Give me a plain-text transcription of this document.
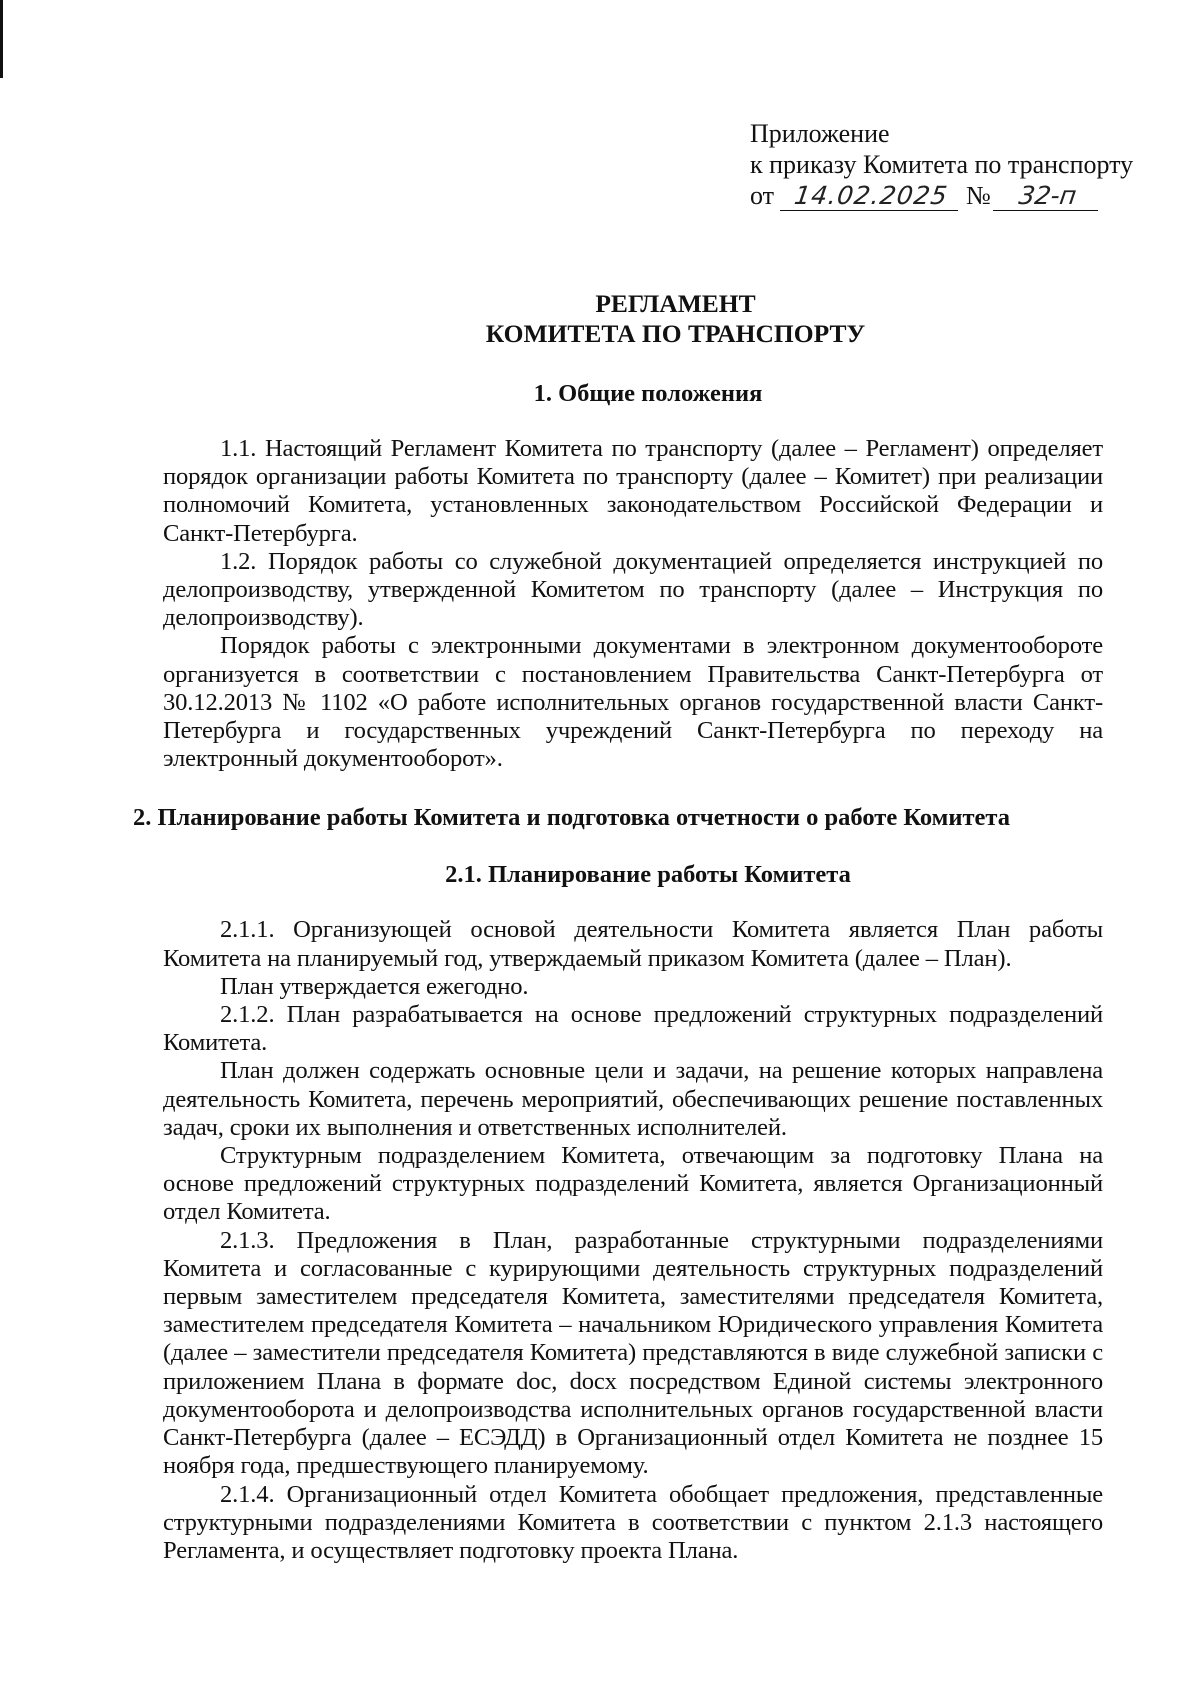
Приложение
к приказу Комитета по транспорту
от 14.02.2025 № 32-п
РЕГЛАМЕНТ
КОМИТЕТА ПО ТРАНСПОРТУ
1. Общие положения

1.1. Настоящий Регламент Комитета по транспорту (далее – Регламент) определяет порядок организации работы Комитета по транспорту (далее – Комитет) при реализации полномочий Комитета, установленных законодательством Российской Федерации и Санкт-Петербурга.

1.2. Порядок работы со служебной документацией определяется инструкцией по делопроизводству, утвержденной Комитетом по транспорту (далее – Инструкция по делопроизводству).

Порядок работы с электронными документами в электронном документообороте организуется в соответствии с постановлением Правительства Санкт-Петербурга от 30.12.2013 № 1102 «О работе исполнительных органов государственной власти Санкт-Петербурга и государственных учреждений Санкт-Петербурга по переходу на электронный документооборот».

2. Планирование работы Комитета и подготовка отчетности о работе Комитета
2.1. Планирование работы Комитета

2.1.1. Организующей основой деятельности Комитета является План работы Комитета на планируемый год, утверждаемый приказом Комитета (далее – План).

План утверждается ежегодно.

2.1.2. План разрабатывается на основе предложений структурных подразделений Комитета.

План должен содержать основные цели и задачи, на решение которых направлена деятельность Комитета, перечень мероприятий, обеспечивающих решение поставленных задач, сроки их выполнения и ответственных исполнителей.

Структурным подразделением Комитета, отвечающим за подготовку Плана на основе предложений структурных подразделений Комитета, является Организационный отдел Комитета.

2.1.3. Предложения в План, разработанные структурными подразделениями Комитета и согласованные с курирующими деятельность структурных подразделений первым заместителем председателя Комитета, заместителями председателя Комитета, заместителем председателя Комитета – начальником Юридического управления Комитета (далее – заместители председателя Комитета) представляются в виде служебной записки с приложением Плана в формате doc, docx посредством Единой системы электронного документооборота и делопроизводства исполнительных органов государственной власти Санкт-Петербурга (далее – ЕСЭДД) в Организационный отдел Комитета не позднее 15 ноября года, предшествующего планируемому.

2.1.4. Организационный отдел Комитета обобщает предложения, представленные структурными подразделениями Комитета в соответствии с пунктом 2.1.3 настоящего Регламента, и осуществляет подготовку проекта Плана.
